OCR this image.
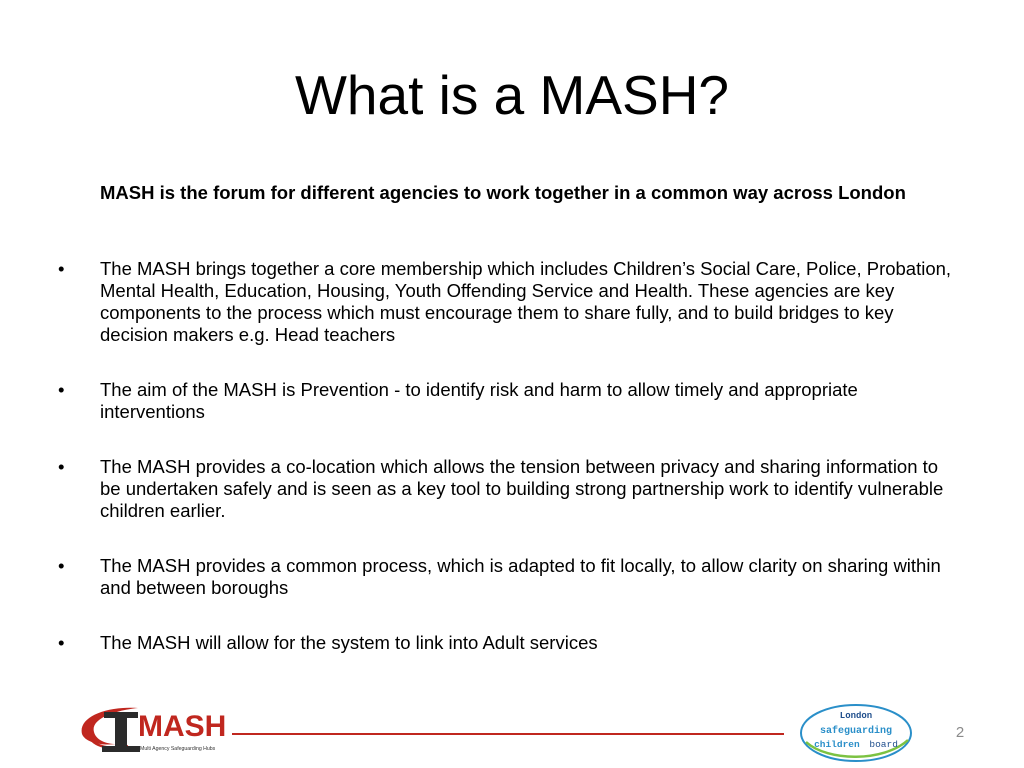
What is a MASH?

MASH is the forum for different agencies to work together in a common way across London

• The MASH brings together a core membership which includes Children’s Social Care, Police, Probation, Mental Health, Education, Housing, Youth Offending Service and Health. These agencies are key components to the process which must encourage them to share fully, and to build bridges to key decision makers e.g. Head teachers
• The aim of the MASH is Prevention - to identify risk and harm to allow timely and appropriate interventions
• The MASH provides a co-location which allows the tension between privacy and sharing information to be undertaken safely and is seen as a key tool to building strong partnership work to identify vulnerable children earlier.
• The MASH provides a common process, which is adapted to fit locally, to allow clarity on sharing within and between boroughs
• The MASH will allow for the system to link into Adult services
MASH
Multi Agency Safeguarding Hubs
London
safeguarding
children board
2
